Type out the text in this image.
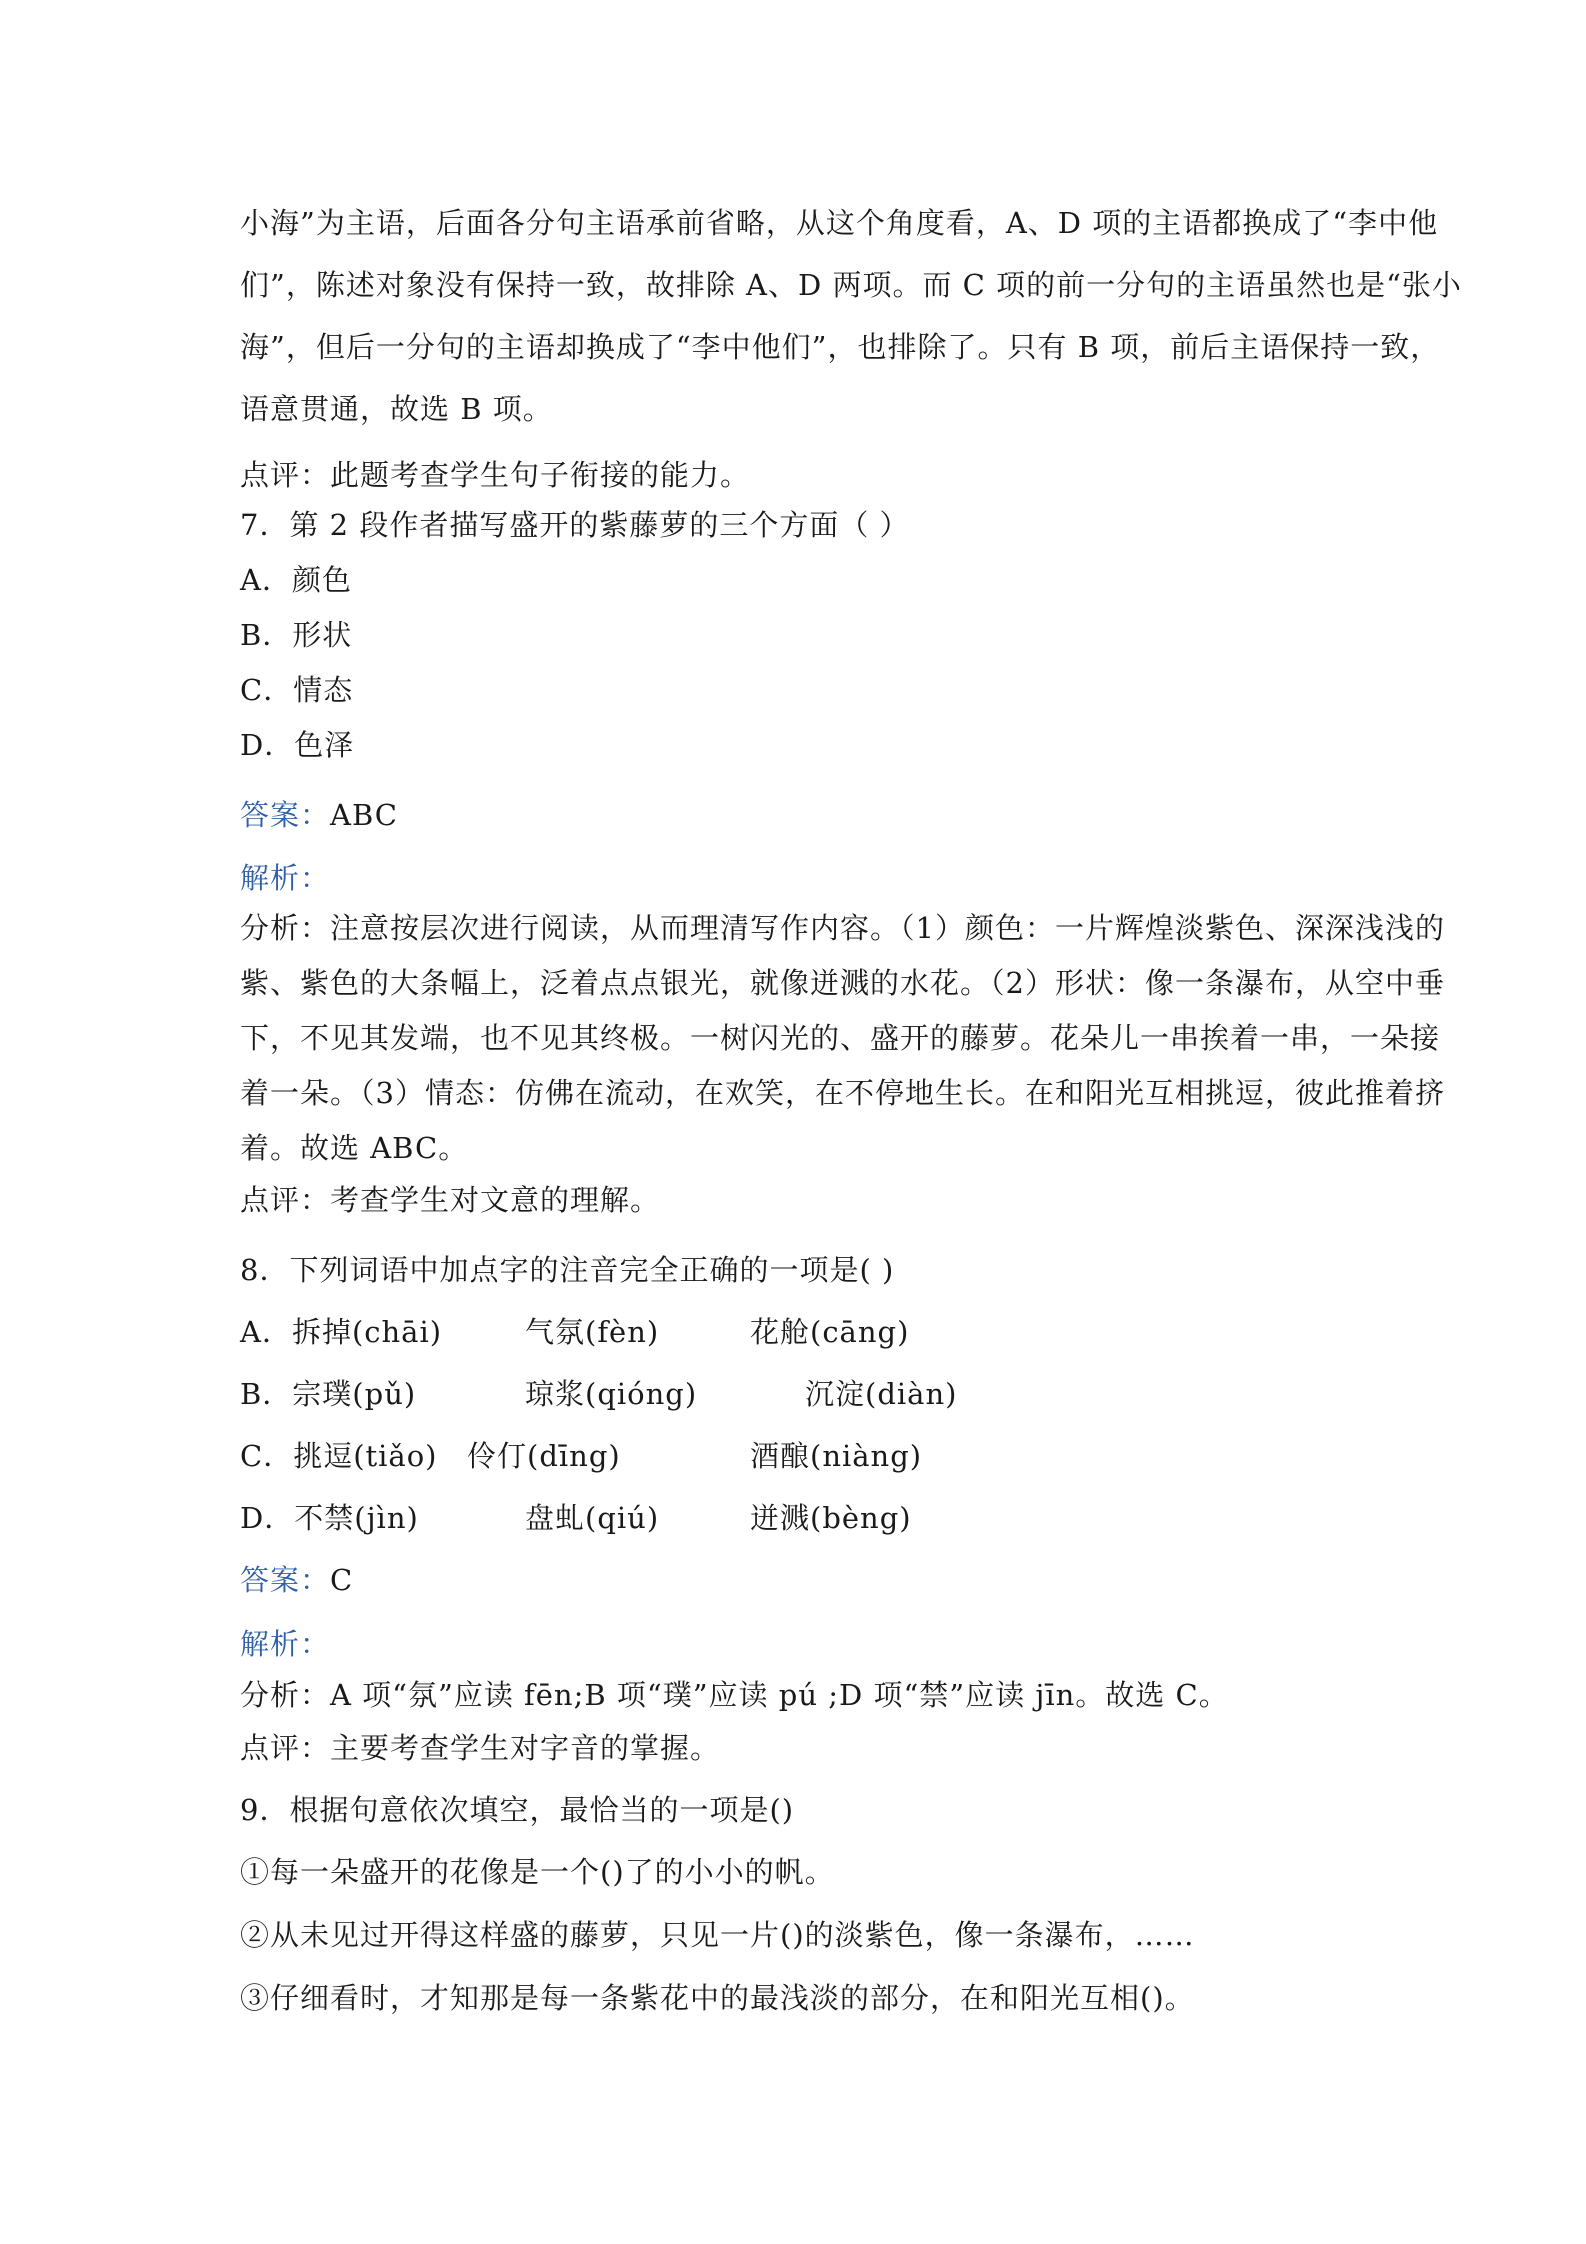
小海”为主语，后面各分句主语承前省略，从这个角度看，A、D 项的主语都换成了“李中他
们”，陈述对象没有保持一致，故排除 A、D 两项。而 C 项的前一分句的主语虽然也是“张小
海”，但后一分句的主语却换成了“李中他们”，也排除了。只有 B 项，前后主语保持一致，
语意贯通，故选 B 项。
点评：此题考查学生句子衔接的能力。
7．第 2 段作者描写盛开的紫藤萝的三个方面（ ）
A．颜色
B．形状
C．情态
D．色泽
答案：ABC
解析：
分析：注意按层次进行阅读，从而理清写作内容。（1）颜色：一片辉煌淡紫色、深深浅浅的
紫、紫色的大条幅上，泛着点点银光，就像迸溅的水花。（2）形状：像一条瀑布，从空中垂
下，不见其发端，也不见其终极。一树闪光的、盛开的藤萝。花朵儿一串挨着一串，一朵接
着一朵。（3）情态：仿佛在流动，在欢笑，在不停地生长。在和阳光互相挑逗，彼此推着挤
着。故选 ABC。
点评：考查学生对文意的理解。
8．下列词语中加点字的注音完全正确的一项是( )
A．拆掉(chāi)	气氛(fèn)	花舱(cāng)
B．宗璞(pǔ)	琼浆(qióng)	沉淀(diàn)
C．挑逗(tiǎo) 伶仃(dīng)	酒酿(niàng)
D．不禁(jìn)	盘虬(qiú)	迸溅(bèng)
答案：C
解析：
分析：A 项“氛”应读 fēn;B 项“璞”应读 pú ;D 项“禁”应读 jīn。故选 C。
点评：主要考查学生对字音的掌握。
9．根据句意依次填空，最恰当的一项是()
①每一朵盛开的花像是一个()了的小小的帆。
②从未见过开得这样盛的藤萝，只见一片()的淡紫色，像一条瀑布，……
③仔细看时，才知那是每一条紫花中的最浅淡的部分，在和阳光互相()。
